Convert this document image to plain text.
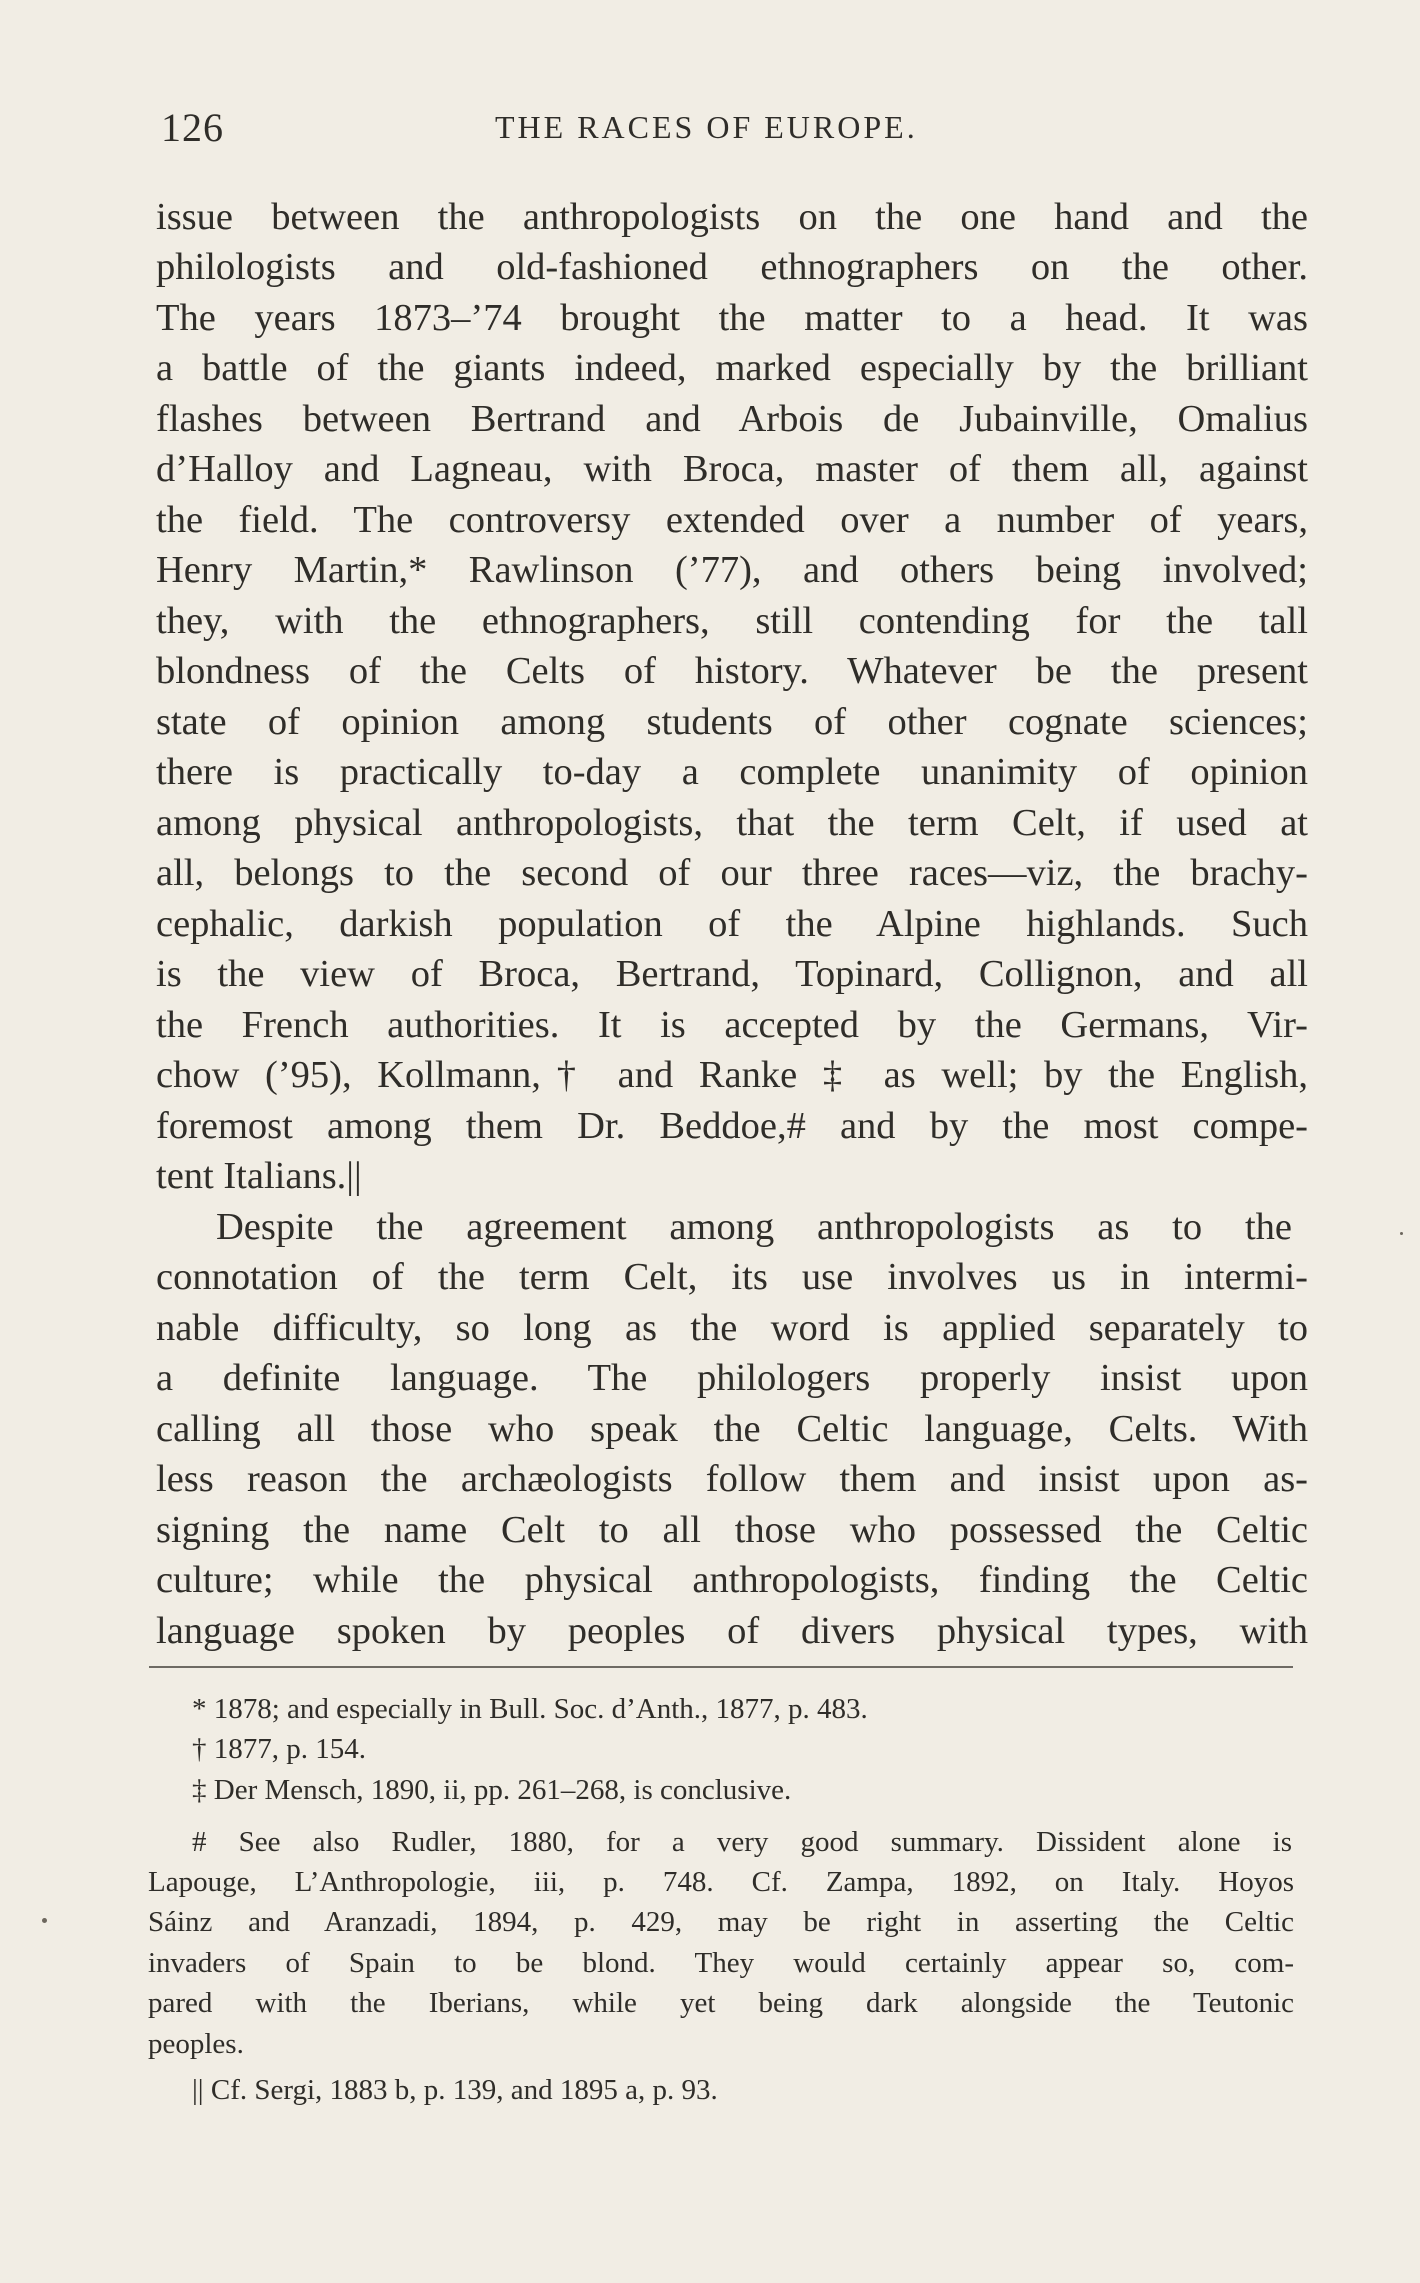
126	THE RACES OF EUROPE.
issue between the anthropologists on the one hand and the
philologists and old-fashioned ethnographers on the other.
The years 1873–’74 brought the matter to a head. It was
a battle of the giants indeed, marked especially by the brilliant
flashes between Bertrand and Arbois de Jubainville, Omalius
d’Halloy and Lagneau, with Broca, master of them all, against
the field. The controversy extended over a number of years,
Henry Martin,* Rawlinson (’77), and others being involved;
they, with the ethnographers, still contending for the tall
blondness of the Celts of history. Whatever be the present
state of opinion among students of other cognate sciences;
there is practically to-day a complete unanimity of opinion
among physical anthropologists, that the term Celt, if used at
all, belongs to the second of our three races—viz, the brachy-
cephalic, darkish population of the Alpine highlands. Such
is the view of Broca, Bertrand, Topinard, Collignon, and all
the French authorities. It is accepted by the Germans, Vir-
chow (’95), Kollmann,† and Ranke ‡ as well; by the English,
foremost among them Dr. Beddoe,# and by the most compe-
tent Italians.||
Despite the agreement among anthropologists as to the
connotation of the term Celt, its use involves us in intermi-
nable difficulty, so long as the word is applied separately to
a definite language. The philologers properly insist upon
calling all those who speak the Celtic language, Celts. With
less reason the archæologists follow them and insist upon as-
signing the name Celt to all those who possessed the Celtic
culture; while the physical anthropologists, finding the Celtic
language spoken by peoples of divers physical types, with
* 1878; and especially in Bull. Soc. d’Anth., 1877, p. 483.
† 1877, p. 154.
‡ Der Mensch, 1890, ii, pp. 261–268, is conclusive.
# See also Rudler, 1880, for a very good summary. Dissident alone is
Lapouge, L’Anthropologie, iii, p. 748. Cf. Zampa, 1892, on Italy. Hoyos
Sáinz and Aranzadi, 1894, p. 429, may be right in asserting the Celtic
invaders of Spain to be blond. They would certainly appear so, com-
pared with the Iberians, while yet being dark alongside the Teutonic
peoples.
|| Cf. Sergi, 1883 b, p. 139, and 1895 a, p. 93.
